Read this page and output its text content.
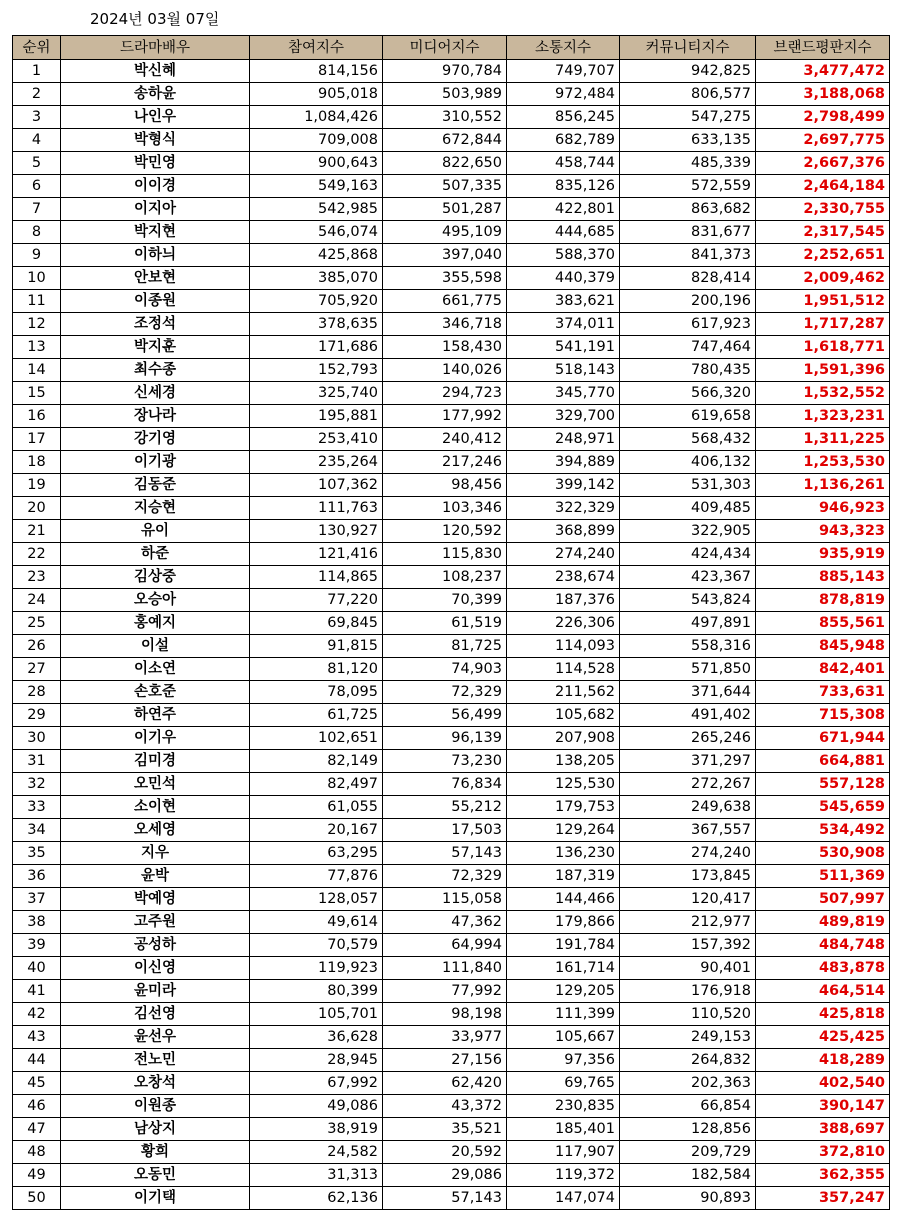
2024년 03월 07일
순위	드라마배우	참여지수	미디어지수	소통지수	커뮤니티지수	브랜드평판지수
1	박신혜	814,156	970,784	749,707	942,825	3,477,472
2	송하윤	905,018	503,989	972,484	806,577	3,188,068
3	나인우	1,084,426	310,552	856,245	547,275	2,798,499
4	박형식	709,008	672,844	682,789	633,135	2,697,775
5	박민영	900,643	822,650	458,744	485,339	2,667,376
6	이이경	549,163	507,335	835,126	572,559	2,464,184
7	이지아	542,985	501,287	422,801	863,682	2,330,755
8	박지현	546,074	495,109	444,685	831,677	2,317,545
9	이하늬	425,868	397,040	588,370	841,373	2,252,651
10	안보현	385,070	355,598	440,379	828,414	2,009,462
11	이종원	705,920	661,775	383,621	200,196	1,951,512
12	조정석	378,635	346,718	374,011	617,923	1,717,287
13	박지훈	171,686	158,430	541,191	747,464	1,618,771
14	최수종	152,793	140,026	518,143	780,435	1,591,396
15	신세경	325,740	294,723	345,770	566,320	1,532,552
16	장나라	195,881	177,992	329,700	619,658	1,323,231
17	강기영	253,410	240,412	248,971	568,432	1,311,225
18	이기광	235,264	217,246	394,889	406,132	1,253,530
19	김동준	107,362	98,456	399,142	531,303	1,136,261
20	지승현	111,763	103,346	322,329	409,485	946,923
21	유이	130,927	120,592	368,899	322,905	943,323
22	하준	121,416	115,830	274,240	424,434	935,919
23	김상중	114,865	108,237	238,674	423,367	885,143
24	오승아	77,220	70,399	187,376	543,824	878,819
25	홍예지	69,845	61,519	226,306	497,891	855,561
26	이설	91,815	81,725	114,093	558,316	845,948
27	이소연	81,120	74,903	114,528	571,850	842,401
28	손호준	78,095	72,329	211,562	371,644	733,631
29	하연주	61,725	56,499	105,682	491,402	715,308
30	이기우	102,651	96,139	207,908	265,246	671,944
31	김미경	82,149	73,230	138,205	371,297	664,881
32	오민석	82,497	76,834	125,530	272,267	557,128
33	소이현	61,055	55,212	179,753	249,638	545,659
34	오세영	20,167	17,503	129,264	367,557	534,492
35	지우	63,295	57,143	136,230	274,240	530,908
36	윤박	77,876	72,329	187,319	173,845	511,369
37	박예영	128,057	115,058	144,466	120,417	507,997
38	고주원	49,614	47,362	179,866	212,977	489,819
39	공성하	70,579	64,994	191,784	157,392	484,748
40	이신영	119,923	111,840	161,714	90,401	483,878
41	윤미라	80,399	77,992	129,205	176,918	464,514
42	김선영	105,701	98,198	111,399	110,520	425,818
43	윤선우	36,628	33,977	105,667	249,153	425,425
44	전노민	28,945	27,156	97,356	264,832	418,289
45	오창석	67,992	62,420	69,765	202,363	402,540
46	이원종	49,086	43,372	230,835	66,854	390,147
47	남상지	38,919	35,521	185,401	128,856	388,697
48	황희	24,582	20,592	117,907	209,729	372,810
49	오동민	31,313	29,086	119,372	182,584	362,355
50	이기택	62,136	57,143	147,074	90,893	357,247
